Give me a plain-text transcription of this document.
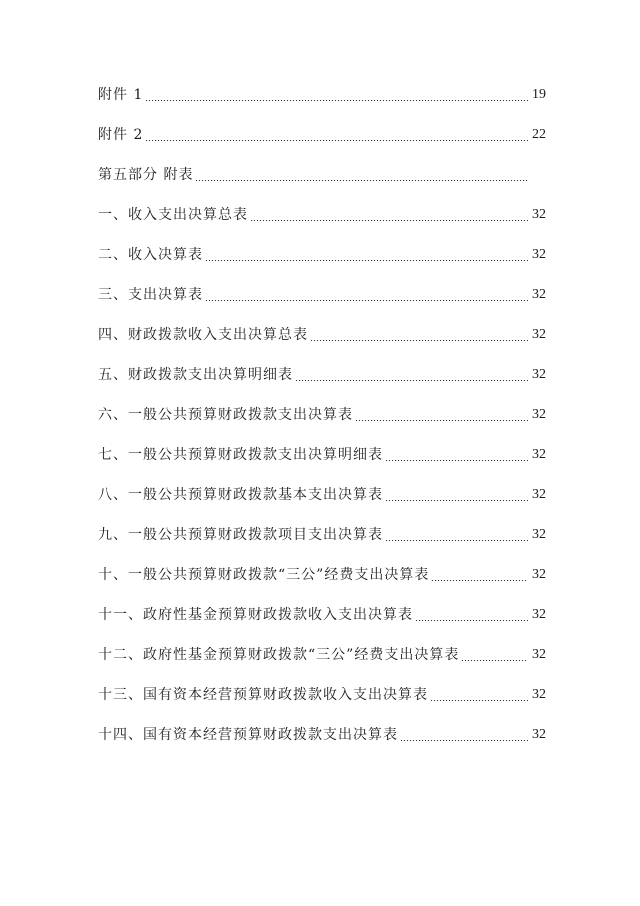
附件 1	19
附件 2	22
第五部分 附表
一、收入支出决算总表	32
二、收入决算表	32
三、支出决算表	32
四、财政拨款收入支出决算总表	32
五、财政拨款支出决算明细表	32
六、一般公共预算财政拨款支出决算表	32
七、一般公共预算财政拨款支出决算明细表	32
八、一般公共预算财政拨款基本支出决算表	32
九、一般公共预算财政拨款项目支出决算表	32
十、一般公共预算财政拨款“三公”经费支出决算表	32
十一、政府性基金预算财政拨款收入支出决算表	32
十二、政府性基金预算财政拨款“三公”经费支出决算表	32
十三、国有资本经营预算财政拨款收入支出决算表	32
十四、国有资本经营预算财政拨款支出决算表	32
